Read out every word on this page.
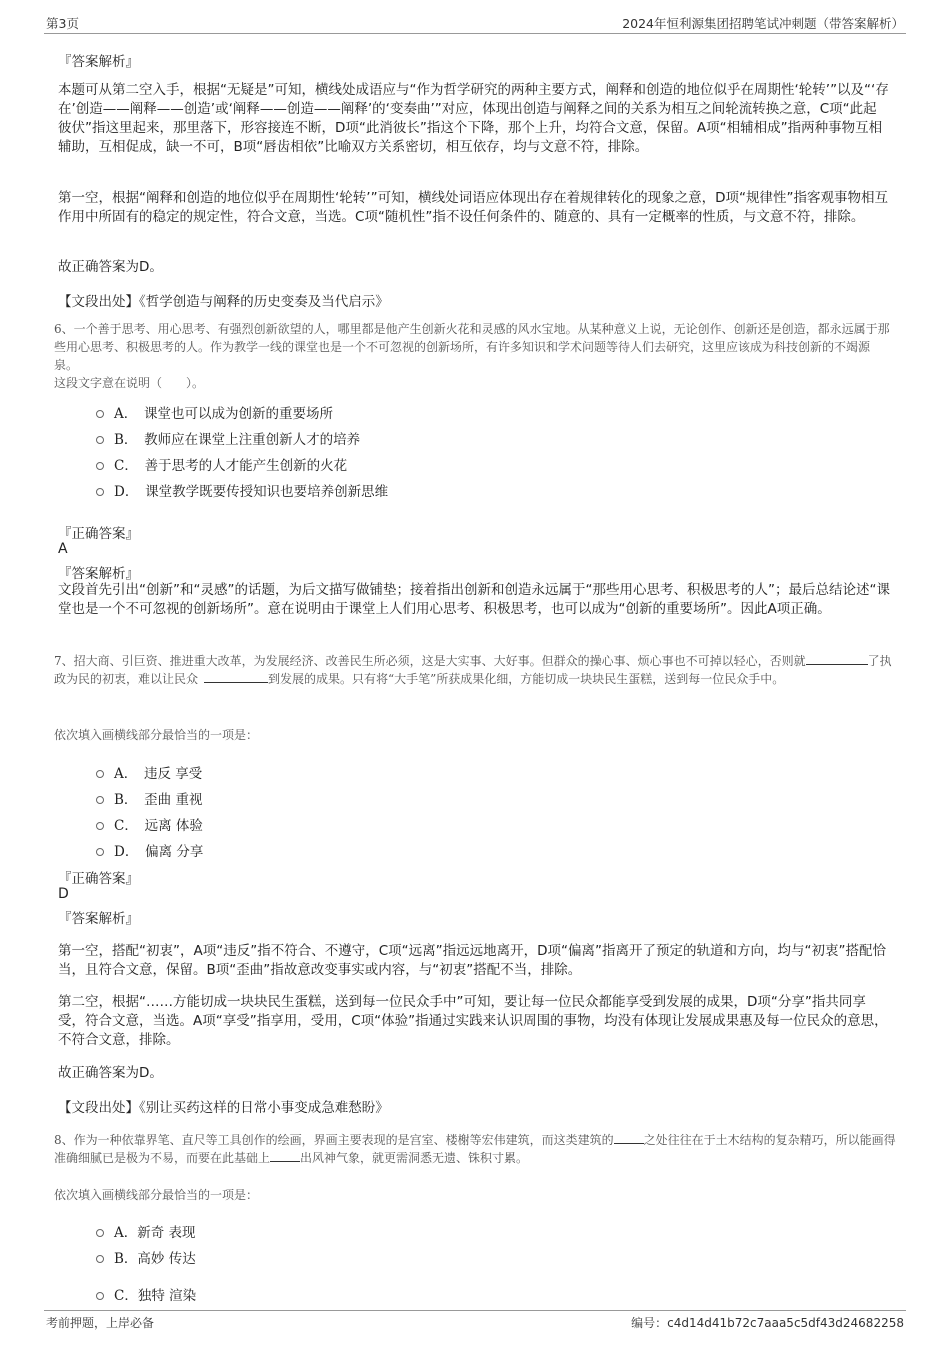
第3页	2024年恒利源集团招聘笔试冲刺题（带答案解析）
『答案解析』
本题可从第二空入手，根据“无疑是”可知，横线处成语应与“作为哲学研究的两种主要方式，阐释和创造的地位似乎在周期性‘轮转’”以及“‘存在’创造——阐释——创造’或‘阐释——创造——阐释’的‘变奏曲’”对应，体现出创造与阐释之间的关系为相互之间轮流转换之意，C项“此起彼伏”指这里起来，那里落下，形容接连不断，D项“此消彼长”指这个下降，那个上升，均符合文意，保留。A项“相辅相成”指两种事物互相辅助，互相促成，缺一不可，B项“唇齿相依”比喻双方关系密切，相互依存，均与文意不符，排除。
第一空，根据“阐释和创造的地位似乎在周期性‘轮转’”可知，横线处词语应体现出存在着规律转化的现象之意，D项“规律性”指客观事物相互作用中所固有的稳定的规定性，符合文意，当选。C项“随机性”指不设任何条件的、随意的、具有一定概率的性质，与文意不符，排除。
故正确答案为D。
【文段出处】《哲学创造与阐释的历史变奏及当代启示》
6、一个善于思考、用心思考、有强烈创新欲望的人，哪里都是他产生创新火花和灵感的风水宝地。从某种意义上说，无论创作、创新还是创造，都永远属于那些用心思考、积极思考的人。作为教学一线的课堂也是一个不可忽视的创新场所，有许多知识和学术问题等待人们去研究，这里应该成为科技创新的不竭源泉。
这段文字意在说明（　　）。
A．　课堂也可以成为创新的重要场所
B．　教师应在课堂上注重创新人才的培养
C．　善于思考的人才能产生创新的火花
D．　课堂教学既要传授知识也要培养创新思维
『正确答案』
A
『答案解析』
文段首先引出“创新”和“灵感”的话题，为后文描写做铺垫；接着指出创新和创造永远属于“那些用心思考、积极思考的人”；最后总结论述“课堂也是一个不可忽视的创新场所”。意在说明由于课堂上人们用心思考、积极思考，也可以成为“创新的重要场所”。因此A项正确。
7、招大商、引巨资、推进重大改革，为发展经济、改善民生所必须，这是大实事、大好事。但群众的操心事、烦心事也不可掉以轻心，否则就	了执政为民的初衷，难以让民众	到发展的成果。只有将“大手笔”所获成果化细，方能切成一块块民生蛋糕，送到每一位民众手中。
依次填入画横线部分最恰当的一项是：
A．　违反 享受
B．　歪曲 重视
C．　远离 体验
D．　偏离 分享
『正确答案』
D
『答案解析』
第一空，搭配“初衷”，A项“违反”指不符合、不遵守，C项“远离”指远远地离开，D项“偏离”指离开了预定的轨道和方向，均与“初衷”搭配恰当，且符合文意，保留。B项“歪曲”指故意改变事实或内容，与“初衷”搭配不当，排除。
第二空，根据“……方能切成一块块民生蛋糕，送到每一位民众手中”可知，要让每一位民众都能享受到发展的成果，D项“分享”指共同享受，符合文意，当选。A项“享受”指享用，受用，C项“体验”指通过实践来认识周围的事物，均没有体现让发展成果惠及每一位民众的意思，不符合文意，排除。
故正确答案为D。
【文段出处】《别让买药这样的日常小事变成急难愁盼》
8、作为一种依靠界笔、直尺等工具创作的绘画，界画主要表现的是宫室、楼榭等宏伟建筑，而这类建筑的	之处往往在于土木结构的复杂精巧，所以能画得准确细腻已是极为不易，而要在此基础上	出风神气象，就更需洞悉无遗、铢积寸累。
依次填入画横线部分最恰当的一项是：
A．新奇 表现
B．高妙 传达
C．独特 渲染
考前押题，上岸必备	编号：c4d14d41b72c7aaa5c5df43d24682258
